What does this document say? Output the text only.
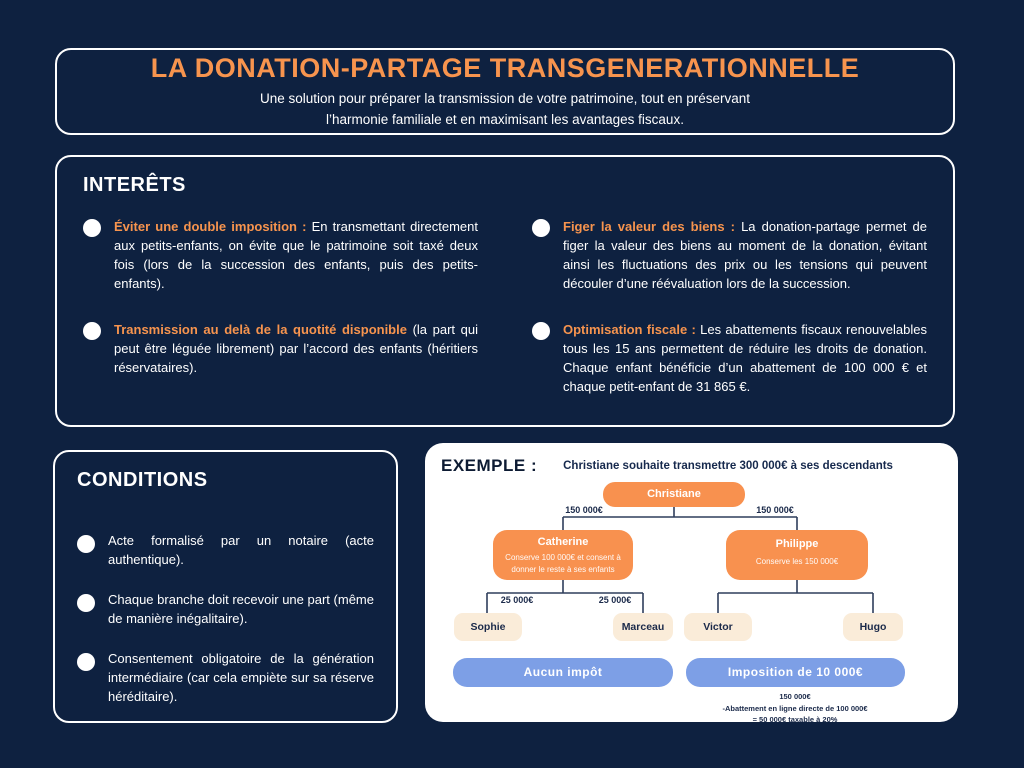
LA DONATION-PARTAGE TRANSGENERATIONNELLE
Une solution pour préparer la transmission de votre patrimoine, tout en préservant
l’harmonie familiale et en maximisant les avantages fiscaux.
INTERÊTS

Éviter une double imposition : En transmettant directement aux petits-enfants, on évite que le patrimoine soit taxé deux fois (lors de la succession des enfants, puis des petits-enfants).

Figer la valeur des biens : La donation-partage permet de figer la valeur des biens au moment de la donation, évitant ainsi les fluctuations des prix ou les tensions qui peuvent découler d’une réévaluation lors de la succession.

Transmission au delà de la quotité disponible (la part qui peut être léguée librement) par l’accord des enfants (héritiers réservataires).

Optimisation fiscale : Les abattements fiscaux renouvelables tous les 15 ans permettent de réduire les droits de donation. Chaque enfant bénéficie d’un abattement de 100 000 € et chaque petit-enfant de 31 865 €.

CONDITIONS

Acte formalisé par un notaire (acte authentique).

Chaque branche doit recevoir une part (même de manière inégalitaire).

Consentement obligatoire de la génération intermédiaire (car cela empiète sur sa réserve héréditaire).

EXEMPLE : Christiane souhaite transmettre 300 000€ à ses descendants
Christiane
150 000€	150 000€
Catherine
Conserve 100 000€ et consent à donner le reste à ses enfants
Philippe
Conserve les 150 000€
25 000€	25 000€
Sophie	Marceau	Victor	Hugo
Aucun impôt	Imposition de 10 000€
150 000€
-Abattement en ligne directe de 100 000€
= 50 000€ taxable à 20%
